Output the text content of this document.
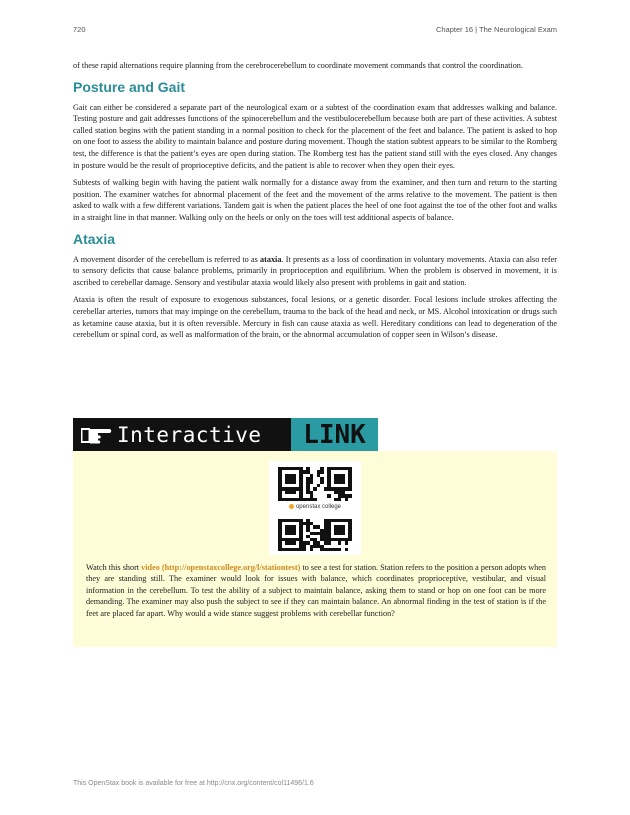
720	Chapter 16 | The Neurological Exam

of these rapid alternations require planning from the cerebrocerebellum to coordinate movement commands that control the coordination.

Posture and Gait

Gait can either be considered a separate part of the neurological exam or a subtest of the coordination exam that addresses walking and balance. Testing posture and gait addresses functions of the spinocerebellum and the vestibulocerebellum because both are part of these activities. A subtest called station begins with the patient standing in a normal position to check for the placement of the feet and balance. The patient is asked to hop on one foot to assess the ability to maintain balance and posture during movement. Though the station subtest appears to be similar to the Romberg test, the difference is that the patient’s eyes are open during station. The Romberg test has the patient stand still with the eyes closed. Any changes in posture would be the result of proprioceptive deficits, and the patient is able to recover when they open their eyes.

Subtests of walking begin with having the patient walk normally for a distance away from the examiner, and then turn and return to the starting position. The examiner watches for abnormal placement of the feet and the movement of the arms relative to the movement. The patient is then asked to walk with a few different variations. Tandem gait is when the patient places the heel of one foot against the toe of the other foot and walks in a straight line in that manner. Walking only on the heels or only on the toes will test additional aspects of balance.

Ataxia

A movement disorder of the cerebellum is referred to as ataxia. It presents as a loss of coordination in voluntary movements. Ataxia can also refer to sensory deficits that cause balance problems, primarily in proprioception and equilibrium. When the problem is observed in movement, it is ascribed to cerebellar damage. Sensory and vestibular ataxia would likely also present with problems in gait and station.

Ataxia is often the result of exposure to exogenous substances, focal lesions, or a genetic disorder. Focal lesions include strokes affecting the cerebellar arteries, tumors that may impinge on the cerebellum, trauma to the back of the head and neck, or MS. Alcohol intoxication or drugs such as ketamine cause ataxia, but it is often reversible. Mercury in fish can cause ataxia as well. Hereditary conditions can lead to degeneration of the cerebellum or spinal cord, as well as malformation of the brain, or the abnormal accumulation of copper seen in Wilson’s disease.

Interactive LINK
openstax college

Watch this short video (http://openstaxcollege.org/l/stationtest) to see a test for station. Station refers to the position a person adopts when they are standing still. The examiner would look for issues with balance, which coordinates proprioceptive, vestibular, and visual information in the cerebellum. To test the ability of a subject to maintain balance, asking them to stand or hop on one foot can be more demanding. The examiner may also push the subject to see if they can maintain balance. An abnormal finding in the test of station is if the feet are placed far apart. Why would a wide stance suggest problems with cerebellar function?

This OpenStax book is available for free at http://cnx.org/content/col11496/1.6
